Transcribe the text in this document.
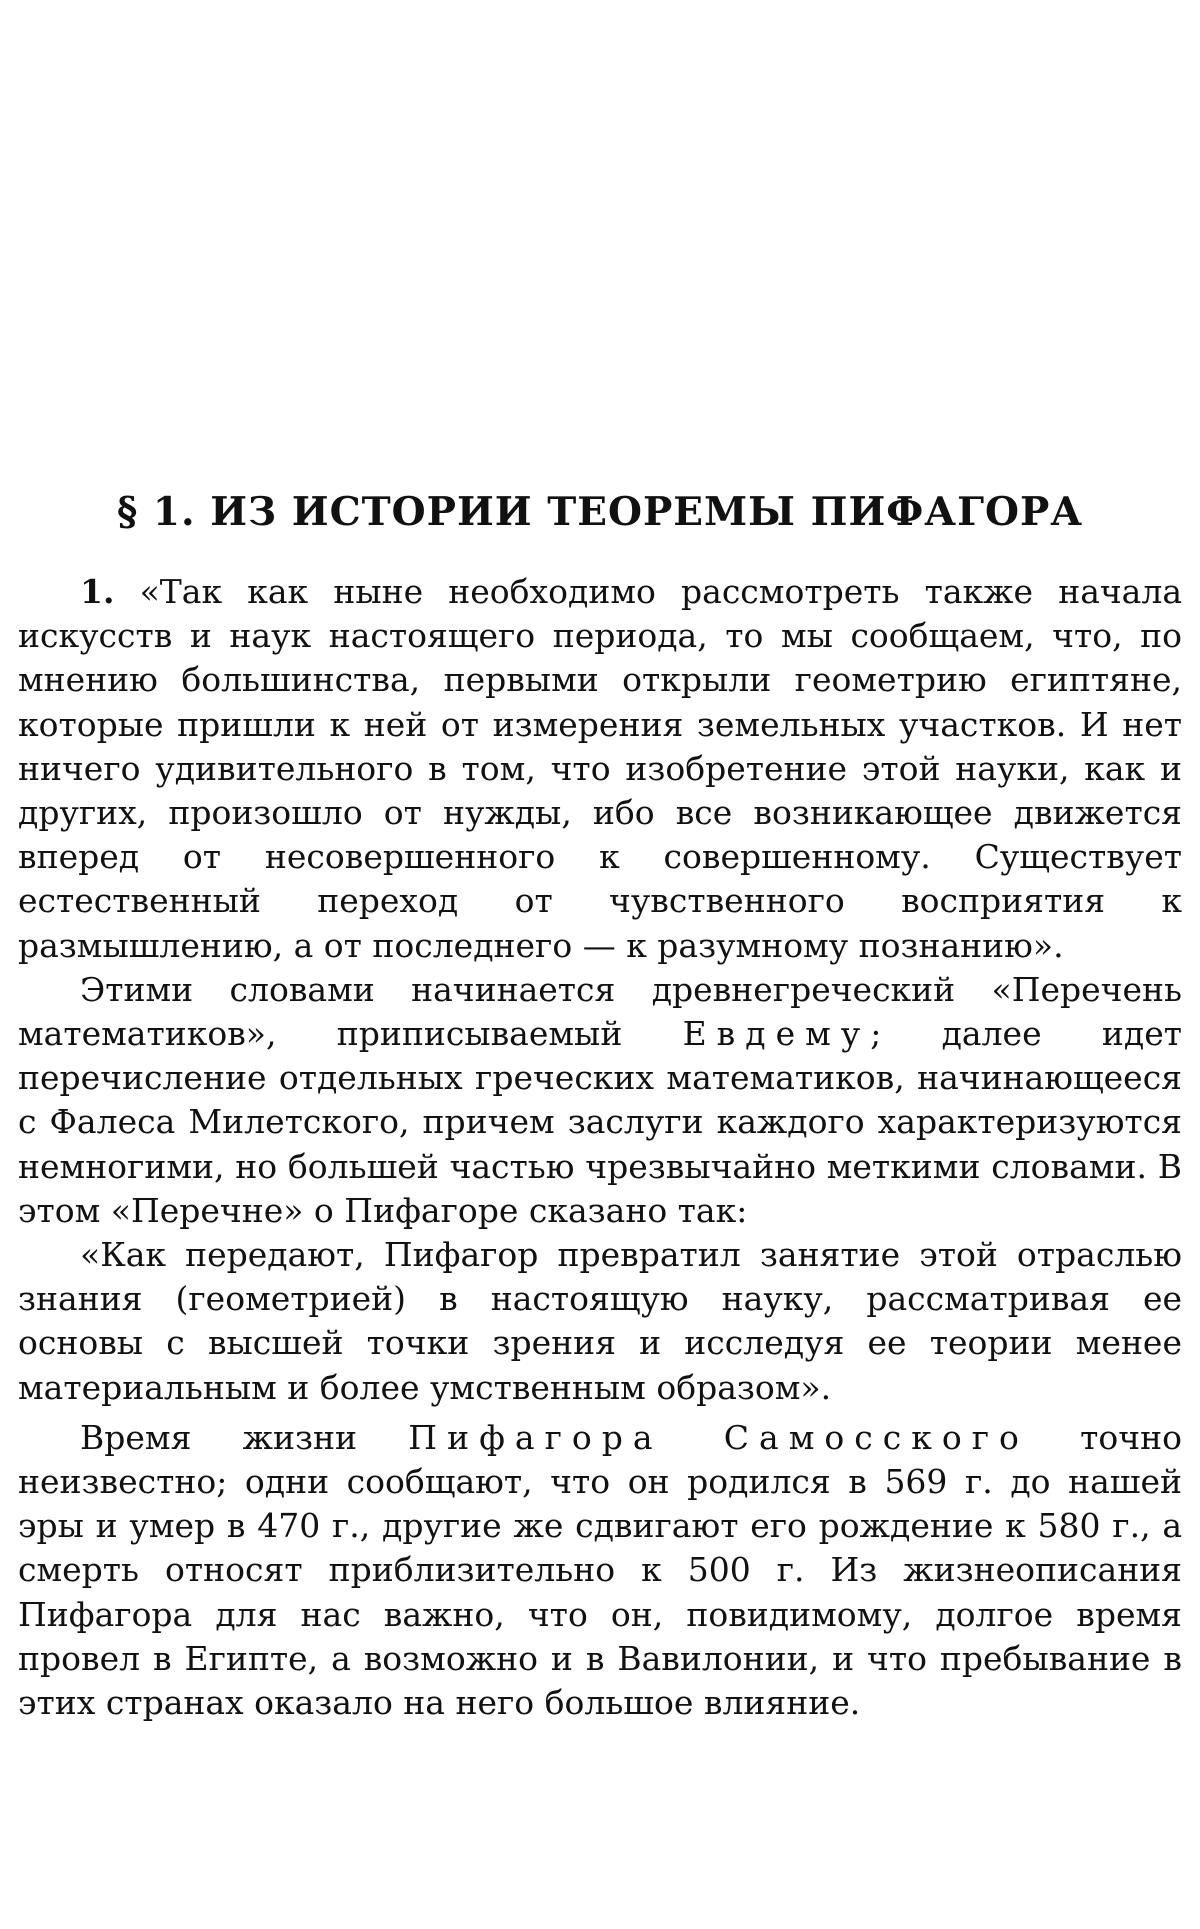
§ 1. ИЗ ИСТОРИИ ТЕОРЕМЫ ПИФАГОРА

1. «Так как ныне необходимо рассмотреть также начала искусств и наук настоящего периода, то мы сообщаем, что, по мнению большинства, первыми открыли геометрию египтяне, которые пришли к ней от измерения земельных участков. И нет ничего удивительного в том, что изобретение этой науки, как и других, произошло от нужды, ибо все возникающее движется вперед от несовершенного к совершенному. Существует естественный переход от чувственного восприятия к размышлению, а от последнего — к разумному познанию».

Этими словами начинается древнегреческий «Перечень математиков», приписываемый Евдему; далее идет перечисление отдельных греческих математиков, начинающееся с Фалеса Милетского, причем заслуги каждого характеризуются немногими, но большей частью чрезвычайно меткими словами. В этом «Перечне» о Пифагоре сказано так:

«Как передают, Пифагор превратил занятие этой отраслью знания (геометрией) в настоящую науку, рассматривая ее основы с высшей точки зрения и исследуя ее теории менее материальным и более умственным образом».

Время жизни Пифагора Самосского точно неизвестно; одни сообщают, что он родился в 569 г. до нашей эры и умер в 470 г., другие же сдвигают его рождение к 580 г., а смерть относят приблизительно к 500 г. Из жизнеописания Пифагора для нас важно, что он, повидимому, долгое время провел в Египте, а возможно и в Вавилонии, и что пребывание в этих странах оказало на него большое влияние.
